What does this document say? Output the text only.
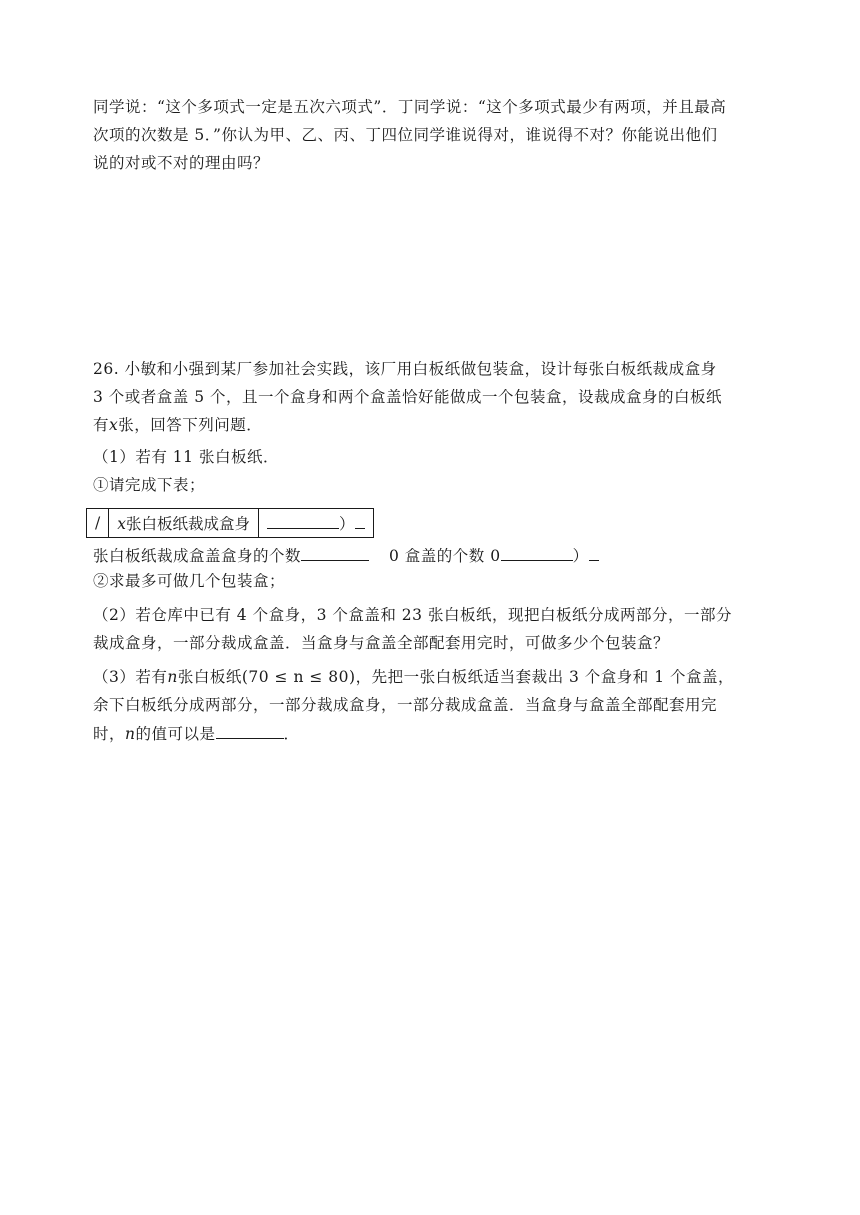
同学说：“这个多项式一定是五次六项式”．丁同学说：“这个多项式最少有两项，并且最高
次项的次数是 5．”你认为甲、乙、丙、丁四位同学谁说得对，谁说得不对？你能说出他们
说的对或不对的理由吗？
26. 小敏和小强到某厂参加社会实践，该厂用白板纸做包装盒，设计每张白板纸裁成盒身
3 个或者盒盖 5 个，且一个盒身和两个盒盖恰好能做成一个包装盒，设裁成盒身的白板纸
有x张，回答下列问题．
（1）若有 11 张白板纸．
①请完成下表；
/	x张白板纸裁成盒身	）
张白板纸裁成盒盖盒身的个数	0 盒盖的个数 0	）
②求最多可做几个包装盒；
（2）若仓库中已有 4 个盒身，3 个盒盖和 23 张白板纸，现把白板纸分成两部分，一部分
裁成盒身，一部分裁成盒盖．当盒身与盒盖全部配套用完时，可做多少个包装盒？
（3）若有n张白板纸(70 ≤ n ≤ 80)，先把一张白板纸适当套裁出 3 个盒身和 1 个盒盖，
余下白板纸分成两部分，一部分裁成盒身，一部分裁成盒盖．当盒身与盒盖全部配套用完
时，n的值可以是	．
